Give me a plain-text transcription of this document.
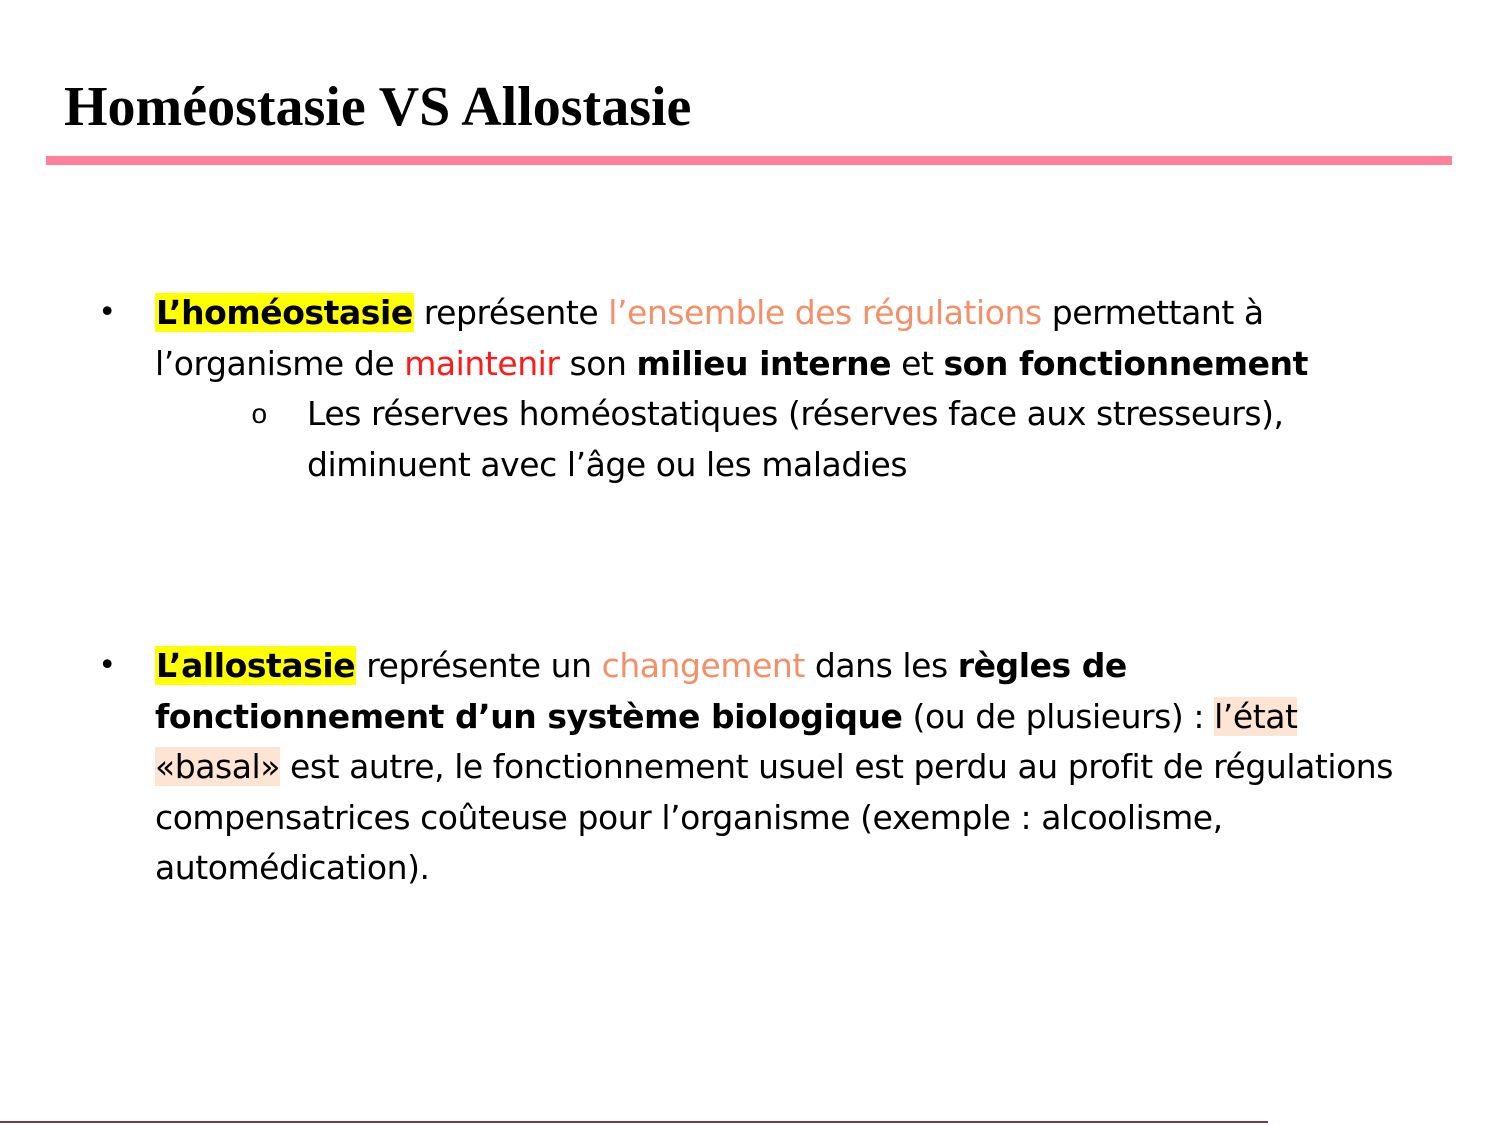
Homéostasie VS Allostasie
• L’homéostasie représente l’ensemble des régulations permettant à l’organisme de maintenir son milieu interne et son fonctionnement
o Les réserves homéostatiques (réserves face aux stresseurs), diminuent avec l’âge ou les maladies
• L’allostasie représente un changement dans les règles de fonctionnement d’un système biologique (ou de plusieurs) : l’état «basal» est autre, le fonctionnement usuel est perdu au profit de régulations compensatrices coûteuse pour l’organisme (exemple : alcoolisme, automédication).
